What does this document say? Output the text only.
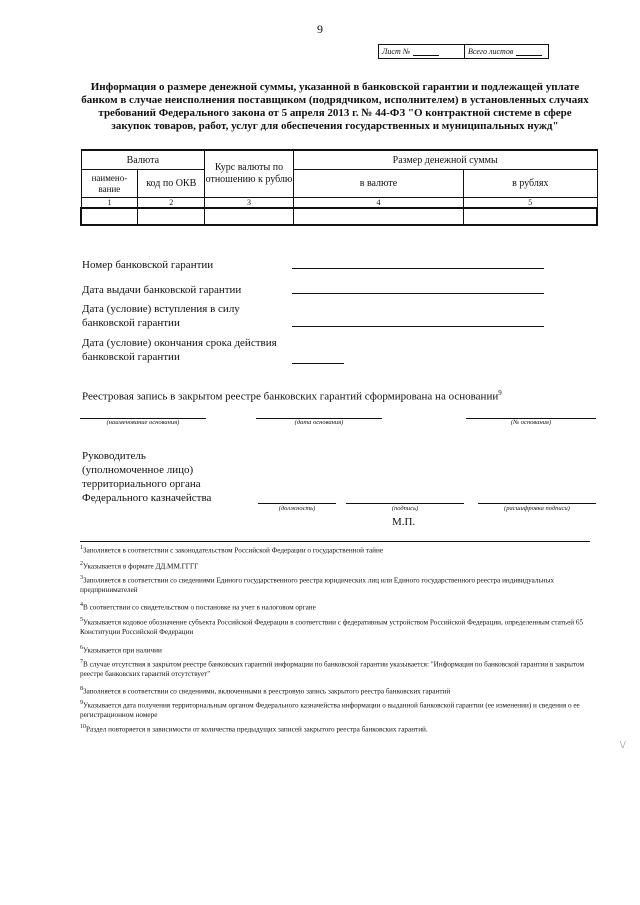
9
Лист №	Всего листов
Информация о размере денежной суммы, указанной в банковской гарантии и подлежащей уплате банком в случае неисполнения поставщиком (подрядчиком, исполнителем) в установленных случаях требований Федерального закона от 5 апреля 2013 г. № 44-ФЗ "О контрактной системе в сфере закупок товаров, работ, услуг для обеспечения государственных и муниципальных нужд"
Валюта		Курс валюты по отношению к рублю	Размер денежной суммы	
наимено-вание	код по ОКВ		в валюте	в рублях
1	2	3	4	5

Номер банковской гарантии
Дата выдачи банковской гарантии
Дата (условие) вступления в силу банковской гарантии
Дата (условие) окончания срока действия банковской гарантии
Реестровая запись в закрытом реестре банковских гарантий сформирована на основании$^9$
(наименование основания)	(дата основания)	(№ основания)
Руководитель
(уполномоченное лицо)
территориального органа
Федерального казначейства
(должность)	(подпись)	(расшифровка подписи)
М.П.
$^1$Заполняется в соответствии с законодательством Российской Федерации о государственной тайне
$^2$Указывается в формате ДД.ММ.ГГГГ
$^3$Заполняется в соответствии со сведениями Единого государственного реестра юридических лиц или Единого государственного реестра индивидуальных предпринимателей
$^4$В соответствии со свидетельством о постановке на учет в налоговом органе
$^5$Указывается кодовое обозначение субъекта Российской Федерации в соответствии с федеративным устройством Российской Федерации, определенным статьей 65 Конституции Российской Федерации
$^6$Указывается при наличии
$^7$В случае отсутствия в закрытом реестре банковских гарантий информации по банковской гарантии указывается: "Информация по банковской гарантии в закрытом реестре банковских гарантий отсутствует"
$^8$Заполняется в соответствии со сведениями, включенными в реестровую запись закрытого реестра банковских гарантий
$^9$Указывается дата получения территориальным органом Федерального казначейства информации о выданной банковской гарантии (ее изменении) и сведения о ее регистрационном номере
$^{10}$Раздел повторяется в зависимости от количества предыдущих записей закрытого реестра банковских гарантий.
\/
